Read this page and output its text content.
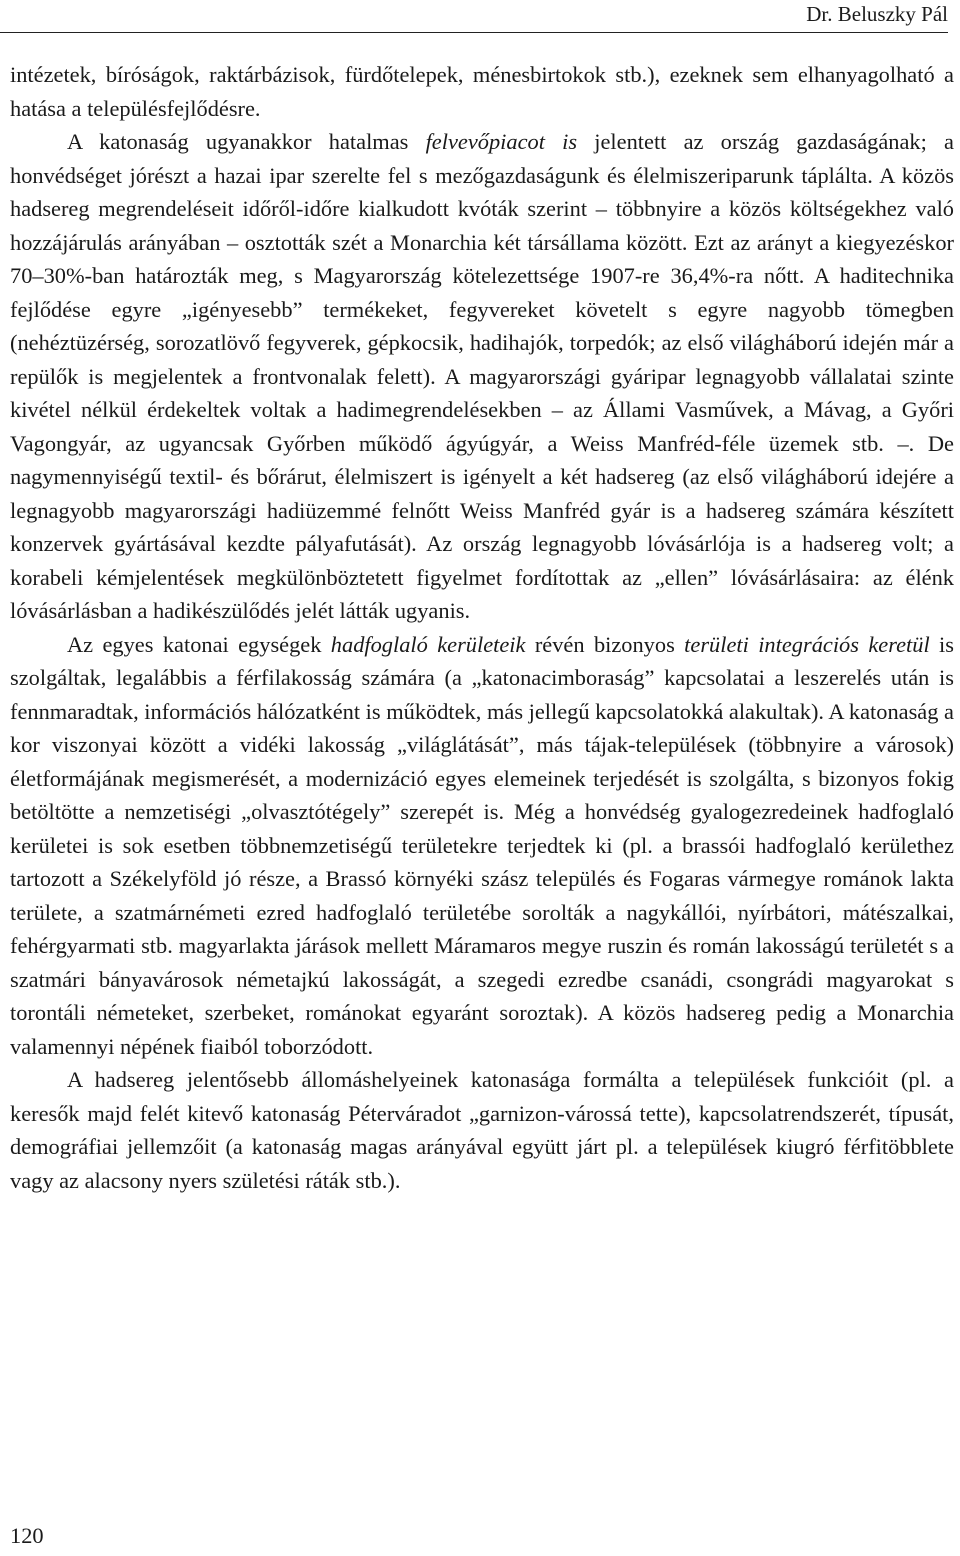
Dr. Beluszky Pál

intézetek, bíróságok, raktárbázisok, fürdőtelepek, ménesbirtokok stb.), ezeknek sem elhanyagolható a hatása a településfejlődésre.
A katonaság ugyanakkor hatalmas felvevőpiacot is jelentett az ország gazdaságának; a honvédséget jórészt a hazai ipar szerelte fel s mezőgazdaságunk és élelmiszeriparunk táplálta. A közös hadsereg megrendeléseit időről-időre kialkudott kvóták szerint – többnyire a közös költségekhez való hozzájárulás arányában – osztották szét a Monarchia két társállama között. Ezt az arányt a kiegyezéskor 70–30%-ban határozták meg, s Magyarország kötelezettsége 1907-re 36,4%-ra nőtt. A haditechnika fejlődése egyre „igényesebb” termékeket, fegyvereket követelt s egyre nagyobb tömegben (nehéztüzérség, sorozatlövő fegyverek, gépkocsik, hadihajók, torpedók; az első világháború idején már a repülők is megjelentek a frontvonalak felett). A magyarországi gyáripar legnagyobb vállalatai szinte kivétel nélkül érdekeltek voltak a hadimegrendelésekben – az Állami Vasművek, a Mávag, a Győri Vagongyár, az ugyancsak Győrben működő ágyúgyár, a Weiss Manfréd-féle üzemek stb. –. De nagymennyiségű textil- és bőrárut, élelmiszert is igényelt a két hadsereg (az első világháború idejére a legnagyobb magyarországi hadiüzemmé felnőtt Weiss Manfréd gyár is a hadsereg számára készített konzervek gyártásával kezdte pályafutását). Az ország legnagyobb lóvásárlója is a hadsereg volt; a korabeli kémjelentések megkülönböztetett figyelmet fordítottak az „ellen” lóvásárlásaira: az élénk lóvásárlásban a hadikészülődés jelét látták ugyanis.

Az egyes katonai egységek hadfoglaló kerületeik révén bizonyos területi integrációs keretül is szolgáltak, legalábbis a férfilakosság számára (a „katonacimboraság” kapcsolatai a leszerelés után is fennmaradtak, információs hálózatként is működtek, más jellegű kapcsolatokká alakultak). A katonaság a kor viszonyai között a vidéki lakosság „világlátását”, más tájak-települések (többnyire a városok) életformájának megismerését, a modernizáció egyes elemeinek terjedését is szolgálta, s bizonyos fokig betöltötte a nemzetiségi „olvasztótégely” szerepét is. Még a honvédség gyalogezredeinek hadfoglaló kerületei is sok esetben többnemzetiségű területekre terjedtek ki (pl. a brassói hadfoglaló kerülethez tartozott a Székelyföld jó része, a Brassó környéki szász település és Fogaras vármegye románok lakta területe, a szatmárnémeti ezred hadfoglaló területébe sorolták a nagykállói, nyírbátori, mátészalkai, fehérgyarmati stb. magyarlakta járások mellett Máramaros megye ruszin és román lakosságú területét s a szatmári bányavárosok németajkú lakosságát, a szegedi ezredbe csanádi, csongrádi magyarokat s torontáli németeket, szerbeket, románokat egyaránt soroztak). A közös hadsereg pedig a Monarchia valamennyi népének fiaiból toborzódott.

A hadsereg jelentősebb állomáshelyeinek katonasága formálta a települések funkcióit (pl. a keresők majd felét kitevő katonaság Péterváradot „garnizon-várossá tette), kapcsolatrendszerét, típusát, demográfiai jellemzőit (a katonaság magas arányával együtt járt pl. a települések kiugró férfitöbblete vagy az alacsony nyers születési ráták stb.).

120
